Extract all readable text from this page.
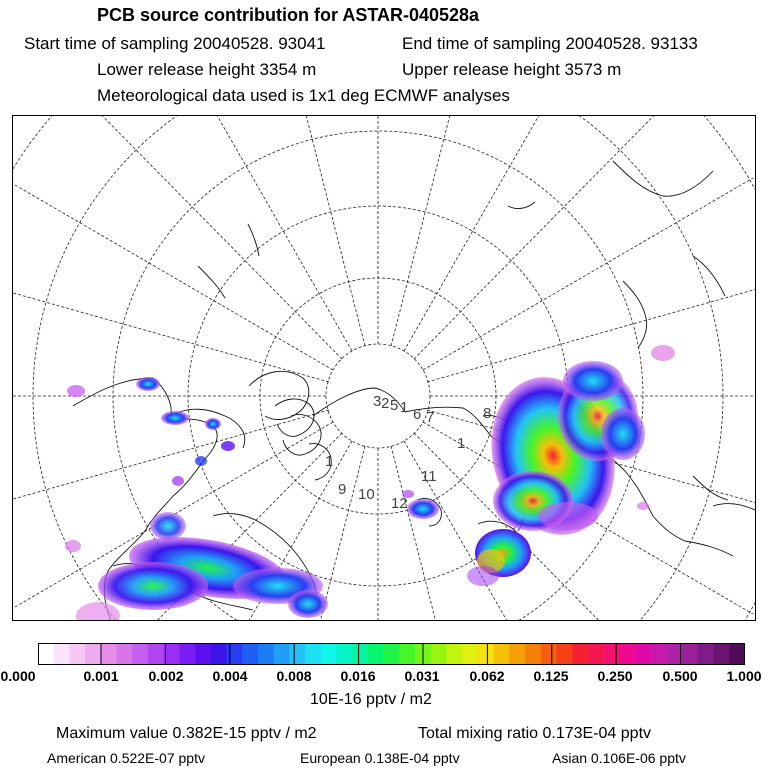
PCB source contribution for ASTAR-040528a
Start time of sampling 20040528. 93041	End time of sampling 20040528. 93133
Lower release height 3354 m	Upper release height 3573 m
Meteorological data used is 1x1 deg ECMWF analyses
3 2 5 1 6 7	8
1
1
11
10
12
9
0.000	0.001 0.002 0.004 0.008 0.016 0.031 0.062 0.125 0.250 0.500 1.000
10E-16 pptv / m2
Maximum value 0.382E-15 pptv / m2	Total mixing ratio 0.173E-04 pptv
American 0.522E-07 pptv	European 0.138E-04 pptv	Asian 0.106E-06 pptv
